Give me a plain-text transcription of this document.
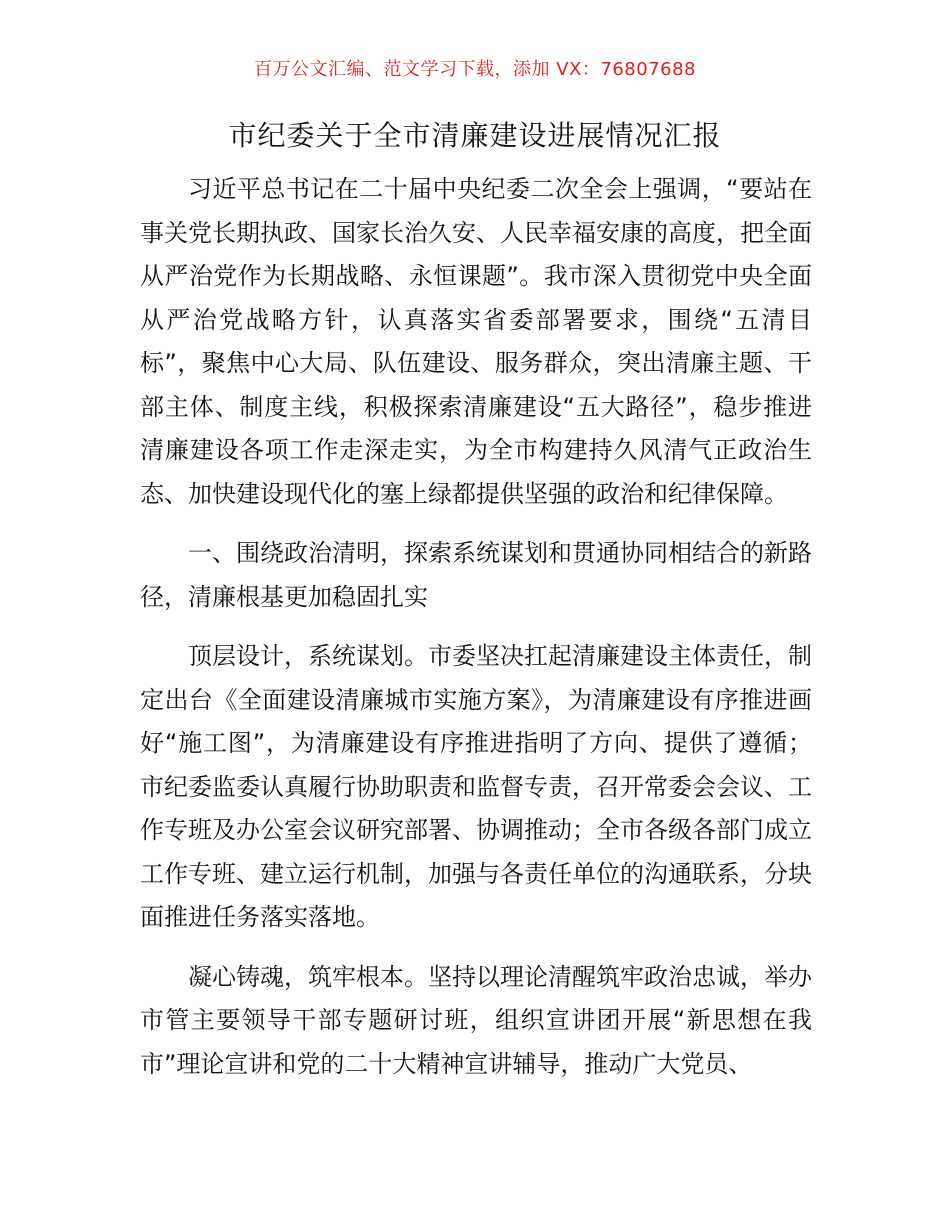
百万公文汇编、范文学习下载，添加 VX：76807688
市纪委关于全市清廉建设进展情况汇报

习近平总书记在二十届中央纪委二次全会上强调，“要站在事关党长期执政、国家长治久安、人民幸福安康的高度，把全面从严治党作为长期战略、永恒课题”。我市深入贯彻党中央全面从严治党战略方针，认真落实省委部署要求，围绕“五清目标”，聚焦中心大局、队伍建设、服务群众，突出清廉主题、干部主体、制度主线，积极探索清廉建设“五大路径”，稳步推进清廉建设各项工作走深走实，为全市构建持久风清气正政治生态、加快建设现代化的塞上绿都提供坚强的政治和纪律保障。

一、围绕政治清明，探索系统谋划和贯通协同相结合的新路径，清廉根基更加稳固扎实

顶层设计，系统谋划。市委坚决扛起清廉建设主体责任，制定出台《全面建设清廉城市实施方案》，为清廉建设有序推进画好“施工图”，为清廉建设有序推进指明了方向、提供了遵循；市纪委监委认真履行协助职责和监督专责，召开常委会会议、工作专班及办公室会议研究部署、协调推动；全市各级各部门成立工作专班、建立运行机制，加强与各责任单位的沟通联系，分块面推进任务落实落地。

凝心铸魂，筑牢根本。坚持以理论清醒筑牢政治忠诚，举办市管主要领导干部专题研讨班，组织宣讲团开展“新思想在我市”理论宣讲和党的二十大精神宣讲辅导，推动广大党员、
